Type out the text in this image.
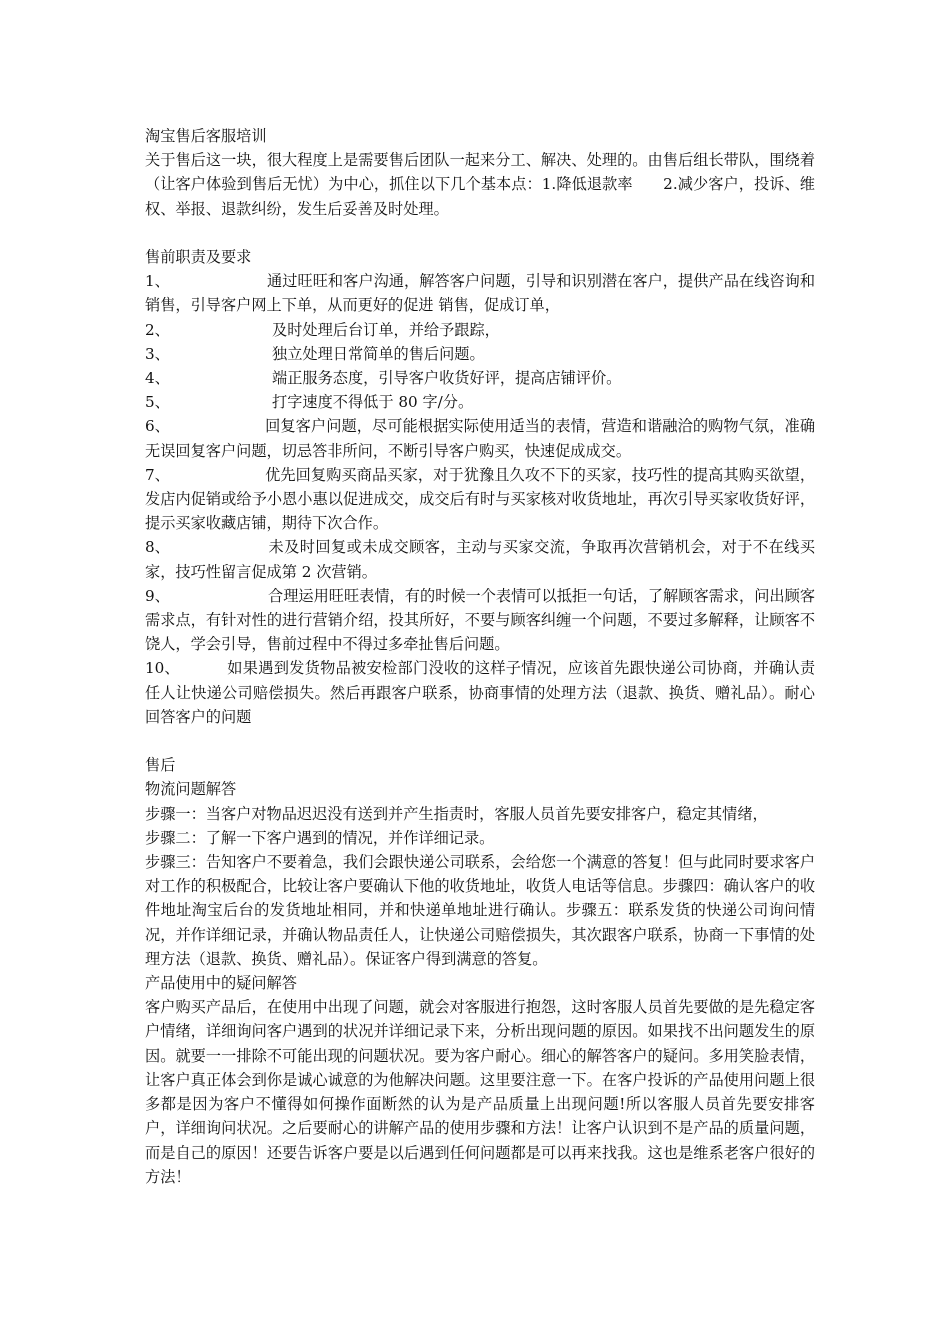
淘宝售后客服培训

关于售后这一块，很大程度上是需要售后团队一起来分工、解决、处理的。由售后组长带队，围绕着（让客户体验到售后无忧）为中心，抓住以下几个基本点：1.降低退款率　　2.减少客户，投诉、维权、举报、退款纠纷，发生后妥善及时处理。

售前职责及要求

1、	通过旺旺和客户沟通，解答客户问题，引导和识别潜在客户，提供产品在线咨询和销售，引导客户网上下单，从而更好的促进 销售，促成订单，

2、	及时处理后台订单，并给予跟踪，

3、	独立处理日常简单的售后问题。

4、	端正服务态度，引导客户收货好评，提高店铺评价。

5、	打字速度不得低于 80 字/分。

6、	回复客户问题，尽可能根据实际使用适当的表情，营造和谐融洽的购物气氛，准确无误回复客户问题，切忌答非所问，不断引导客户购买，快速促成成交。

7、	优先回复购买商品买家，对于犹豫且久攻不下的买家，技巧性的提高其购买欲望，发店内促销或给予小恩小惠以促进成交，成交后有时与买家核对收货地址，再次引导买家收货好评，提示买家收藏店铺，期待下次合作。

8、	未及时回复或未成交顾客，主动与买家交流，争取再次营销机会，对于不在线买家，技巧性留言促成第 2 次营销。

9、	合理运用旺旺表情，有的时候一个表情可以抵拒一句话，了解顾客需求，问出顾客需求点，有针对性的进行营销介绍，投其所好，不要与顾客纠缠一个问题，不要过多解释，让顾客不饶人，学会引导，售前过程中不得过多牵扯售后问题。

10、	如果遇到发货物品被安检部门没收的这样子情况，应该首先跟快递公司协商，并确认责任人让快递公司赔偿损失。然后再跟客户联系，协商事情的处理方法（退款、换货、赠礼品）。耐心回答客户的问题

售后

物流问题解答

步骤一：当客户对物品迟迟没有送到并产生指责时，客服人员首先要安排客户，稳定其情绪，

步骤二：了解一下客户遇到的情况，并作详细记录。

步骤三：告知客户不要着急，我们会跟快递公司联系，会给您一个满意的答复！但与此同时要求客户对工作的积极配合，比较让客户要确认下他的收货地址，收货人电话等信息。步骤四：确认客户的收件地址淘宝后台的发货地址相同，并和快递单地址进行确认。步骤五：联系发货的快递公司询问情况，并作详细记录，并确认物品责任人，让快递公司赔偿损失，其次跟客户联系，协商一下事情的处理方法（退款、换货、赠礼品）。保证客户得到满意的答复。

产品使用中的疑问解答

客户购买产品后，在使用中出现了问题，就会对客服进行抱怨，这时客服人员首先要做的是先稳定客户情绪，详细询问客户遇到的状况并详细记录下来，分析出现问题的原因。如果找不出问题发生的原因。就要一一排除不可能出现的问题状况。要为客户耐心。细心的解答客户的疑问。多用笑脸表情，让客户真正体会到你是诚心诚意的为他解决问题。这里要注意一下。在客户投诉的产品使用问题上很多都是因为客户不懂得如何操作面断然的认为是产品质量上出现问题!所以客服人员首先要安排客户，详细询问状况。之后要耐心的讲解产品的使用步骤和方法！让客户认识到不是产品的质量问题，而是自己的原因！还要告诉客户要是以后遇到任何问题都是可以再来找我。这也是维系老客户很好的方法！
